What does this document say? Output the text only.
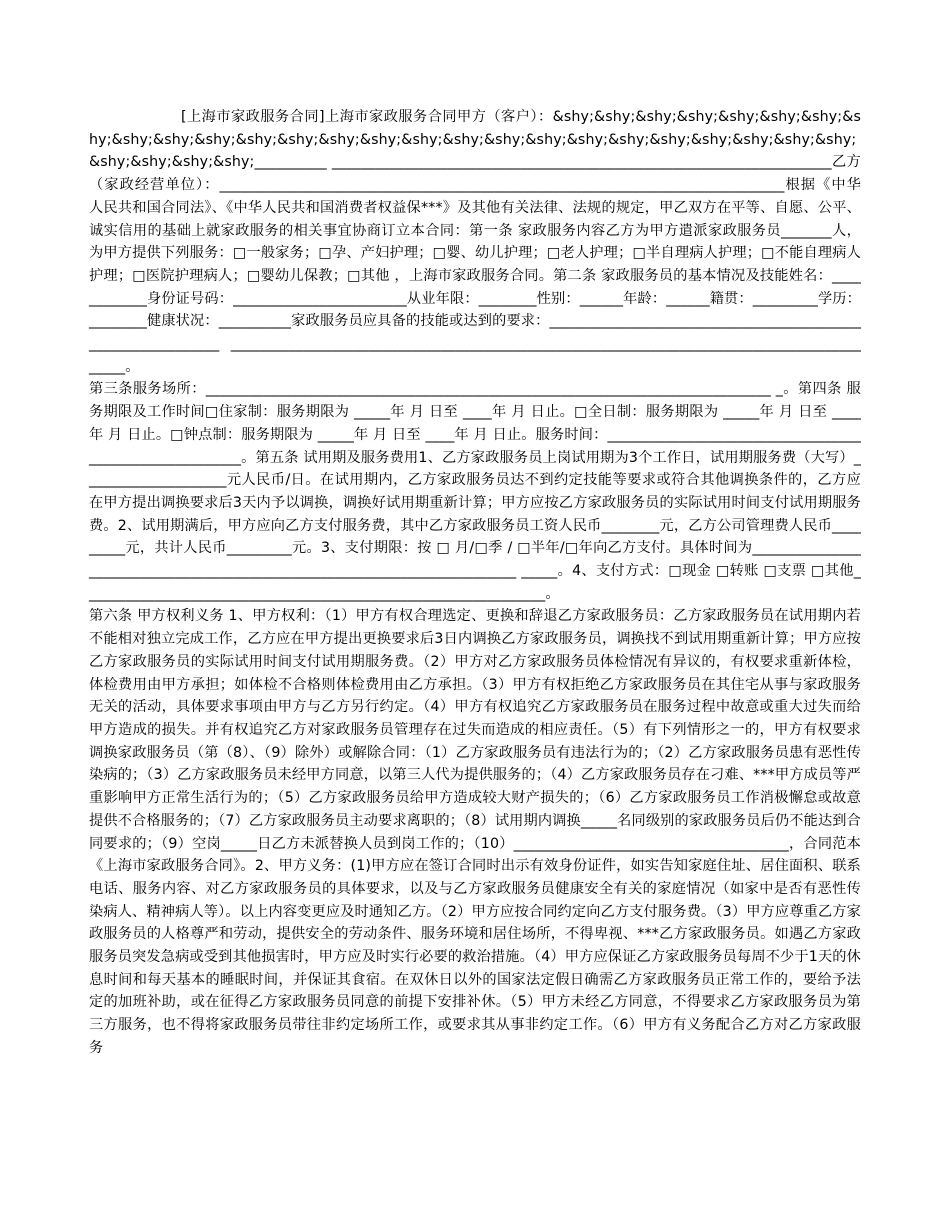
[上海市家政服务合同]上海市家政服务合同甲方（客户）：&shy;&shy;&shy;&shy;&shy;&shy;&shy;&shy;&shy;&shy;&shy;&shy;&shy;&shy;&shy;&shy;&shy;&shy;&shy;&shy;&shy;&shy;&shy;&shy;&shy;&shy;&shy;&shy;&shy;&shy;__________ _____________________________________________________________________乙方（家政经营单位）：______________________________________________________________________________根据《中华人民共和国合同法》、《中华人民共和国消费者权益保***》及其他有关法律、法规的规定，甲乙双方在平等、自愿、公平、诚实信用的基础上就家政服务的相关事宜协商订立本合同：第一条 家政服务内容乙方为甲方遣派家政服务员_______人，为甲方提供下列服务：□一般家务；□孕、产妇护理；□婴、幼儿护理；□老人护理；□半自理病人护理；□不能自理病人护理；□医院护理病人；□婴幼儿保教；□其他 ，上海市家政服务合同。第二条 家政服务员的基本情况及技能姓名：____________身份证号码：________________________从业年限：________性别：______年龄：______籍贯：_________学历：________健康状况：__________家政服务员应具备的技能或达到的要求：_____________________________________________________________ ____________________________________________________________________________________________。
第三条服务场所：______________________________________________________________________________ _。第四条 服务期限及工作时间□住家制：服务期限为 _____年 月 日至 ____年 月 日止。□全日制：服务期限为 _____年 月 日至 ____年 月 日止。□钟点制：服务期限为 _____年 月 日至 ____年 月 日止。服务时间：________________________________________________________。第五条 试用期及服务费用1、乙方家政服务员上岗试用期为3个工作日，试用期服务费（大写）____________________元人民币/日。在试用期内，乙方家政服务员达不到约定技能等要求或符合其他调换条件的，乙方应在甲方提出调换要求后3天内予以调换，调换好试用期重新计算；甲方应按乙方家政服务员的实际试用时间支付试用期服务费。2、试用期满后，甲方应向乙方支付服务费，其中乙方家政服务员工资人民币________元，乙方公司管理费人民币_________元，共计人民币_________元。3、支付期限：按 □ 月/□季 / □半年/□年向乙方支付。具体时间为__________________________________________________________________________ _____。4、支付方式：□现金 □转账 □支票 □其他________________________________________________________________。
第六条 甲方权利义务 1、甲方权利：（1）甲方有权合理选定、更换和辞退乙方家政服务员：乙方家政服务员在试用期内若不能相对独立完成工作，乙方应在甲方提出更换要求后3日内调换乙方家政服务员，调换找不到试用期重新计算；甲方应按乙方家政服务员的实际试用时间支付试用期服务费。（2）甲方对乙方家政服务员体检情况有异议的，有权要求重新体检，体检费用由甲方承担；如体检不合格则体检费用由乙方承担。（3）甲方有权拒绝乙方家政服务员在其住宅从事与家政服务无关的活动，具体要求事项由甲方与乙方另行约定。（4）甲方有权追究乙方家政服务员在服务过程中故意或重大过失而给甲方造成的损失。并有权追究乙方对家政服务员管理存在过失而造成的相应责任。（5）有下列情形之一的，甲方有权要求调换家政服务员（第（8）、（9）除外）或解除合同：（1）乙方家政服务员有违法行为的；（2）乙方家政服务员患有恶性传染病的；（3）乙方家政服务员未经甲方同意，以第三人代为提供服务的；（4）乙方家政服务员存在刁难、***甲方成员等严重影响甲方正常生活行为的；（5）乙方家政服务员给甲方造成较大财产损失的；（6）乙方家政服务员工作消极懈怠或故意提供不合格服务的；（7）乙方家政服务员主动要求离职的；（8）试用期内调换_____名同级别的家政服务员后仍不能达到合同要求的；（9）空岗_____日乙方未派替换人员到岗工作的；（10）______________________________________，合同范本《上海市家政服务合同》。2、甲方义务：(1)甲方应在签订合同时出示有效身份证件，如实告知家庭住址、居住面积、联系电话、服务内容、对乙方家政服务员的具体要求，以及与乙方家政服务员健康安全有关的家庭情况（如家中是否有恶性传染病人、精神病人等）。以上内容变更应及时通知乙方。（2）甲方应按合同约定向乙方支付服务费。（3）甲方应尊重乙方家政服务员的人格尊严和劳动，提供安全的劳动条件、服务环境和居住场所，不得卑视、***乙方家政服务员。如遇乙方家政服务员突发急病或受到其他损害时，甲方应及时实行必要的救治措施。（4）甲方应保证乙方家政服务员每周不少于1天的休息时间和每天基本的睡眠时间，并保证其食宿。在双休日以外的国家法定假日确需乙方家政服务员正常工作的，要给予法定的加班补助，或在征得乙方家政服务员同意的前提下安排补休。（5）甲方未经乙方同意，不得要求乙方家政服务员为第三方服务，也不得将家政服务员带往非约定场所工作，或要求其从事非约定工作。（6）甲方有义务配合乙方对乙方家政服务
